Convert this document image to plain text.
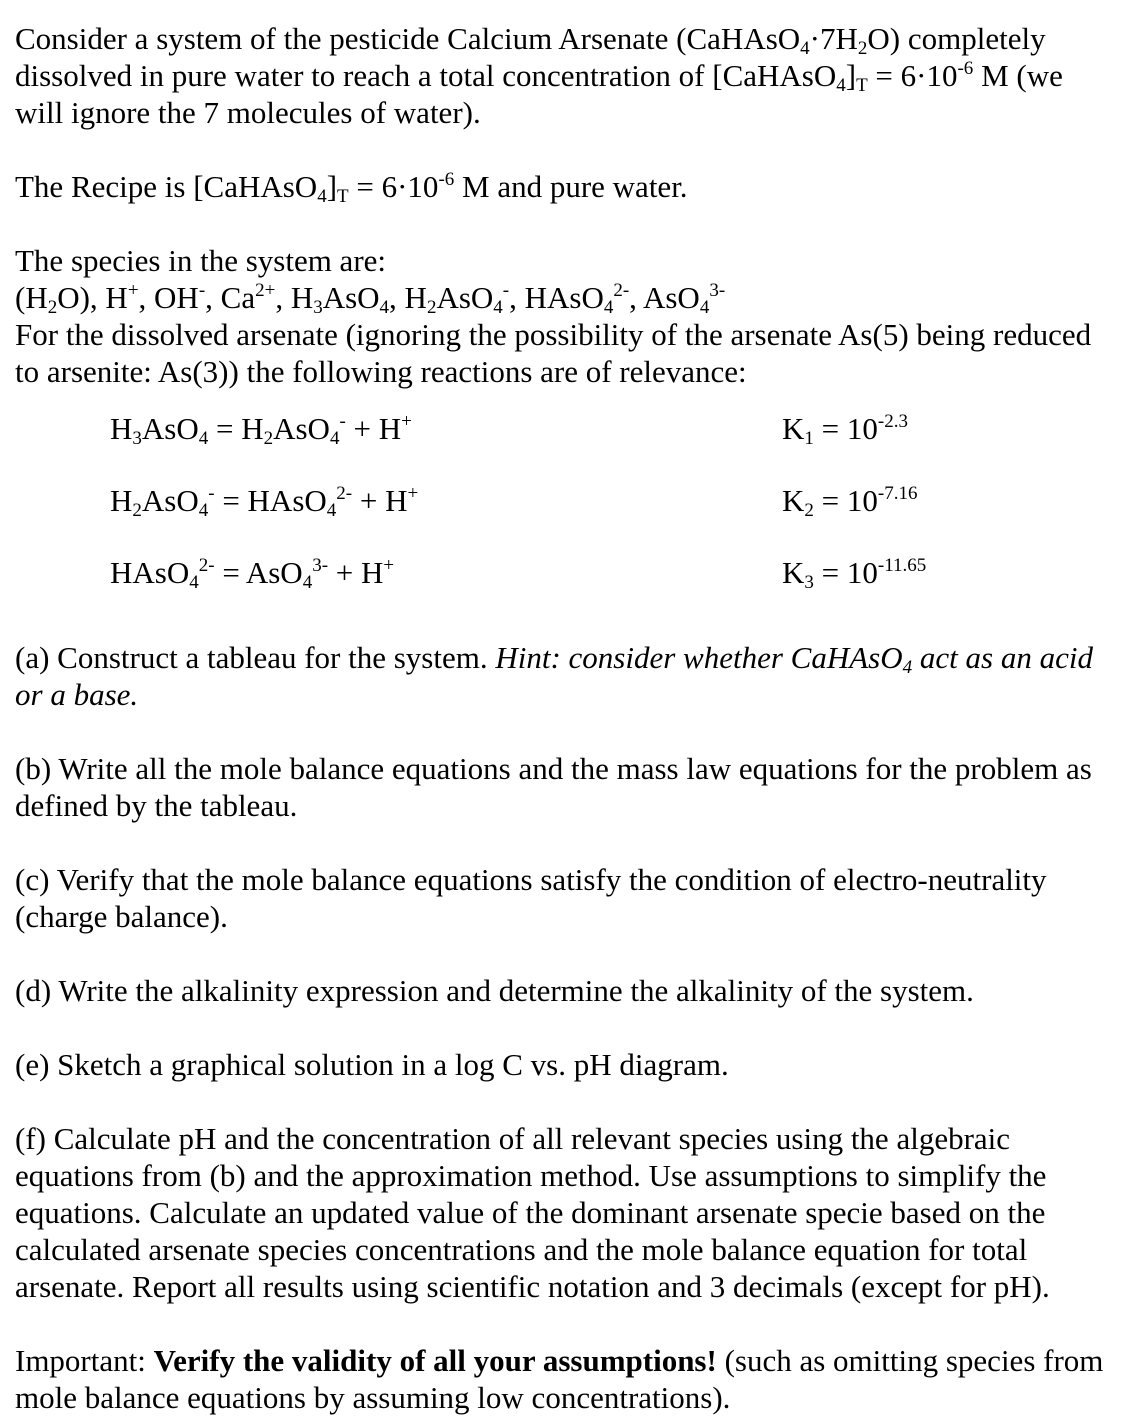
Consider a system of the pesticide Calcium Arsenate $(CaHAsO_4\cdot 7H_2O)$ completely dissolved in pure water to reach a total concentration of $[CaHAsO_4]_T = 6\cdot 10^{-6}$ M (we will ignore the 7 molecules of water).

The Recipe is $[CaHAsO_4]_T = 6\cdot 10^{-6}$ M and pure water.

The species in the system are:

$(H_2O)$, H+, OH-, $Ca^{2+}$, $H_3AsO_4$, $H_2AsO_4^-$, HAsO$_4^{2-}$, AsO$_4^{3-}$

For the dissolved arsenate (ignoring the possibility of the arsenate As(5) being reduced to arsenite: As(3)) the following reactions are of relevance:

$H_3AsO_4 = H_2AsO_4^- + H^+$	$K_1 = 10^{-2.3}$
$H_2AsO_4^-$ = HAsO$_4^{2-}$ + H+	$K_2 = 10^{-7.16}$
HAsO$_4^{2-}$ = AsO$_4^{3-}$ + H+	$K_3 = 10^{-11.65}$

(a) Construct a tableau for the system. Hint: consider whether CaHAsO$_4$ act as an acid or a base.

(b) Write all the mole balance equations and the mass law equations for the problem as defined by the tableau.

(c) Verify that the mole balance equations satisfy the condition of electro-neutrality (charge balance).

(d) Write the alkalinity expression and determine the alkalinity of the system.

(e) Sketch a graphical solution in a log C vs. pH diagram.

(f) Calculate pH and the concentration of all relevant species using the algebraic equations from (b) and the approximation method. Use assumptions to simplify the equations. Calculate an updated value of the dominant arsenate specie based on the calculated arsenate species concentrations and the mole balance equation for total arsenate. Report all results using scientific notation and 3 decimals (except for pH).

Important: Verify the validity of all your assumptions! (such as omitting species from mole balance equations by assuming low concentrations).
